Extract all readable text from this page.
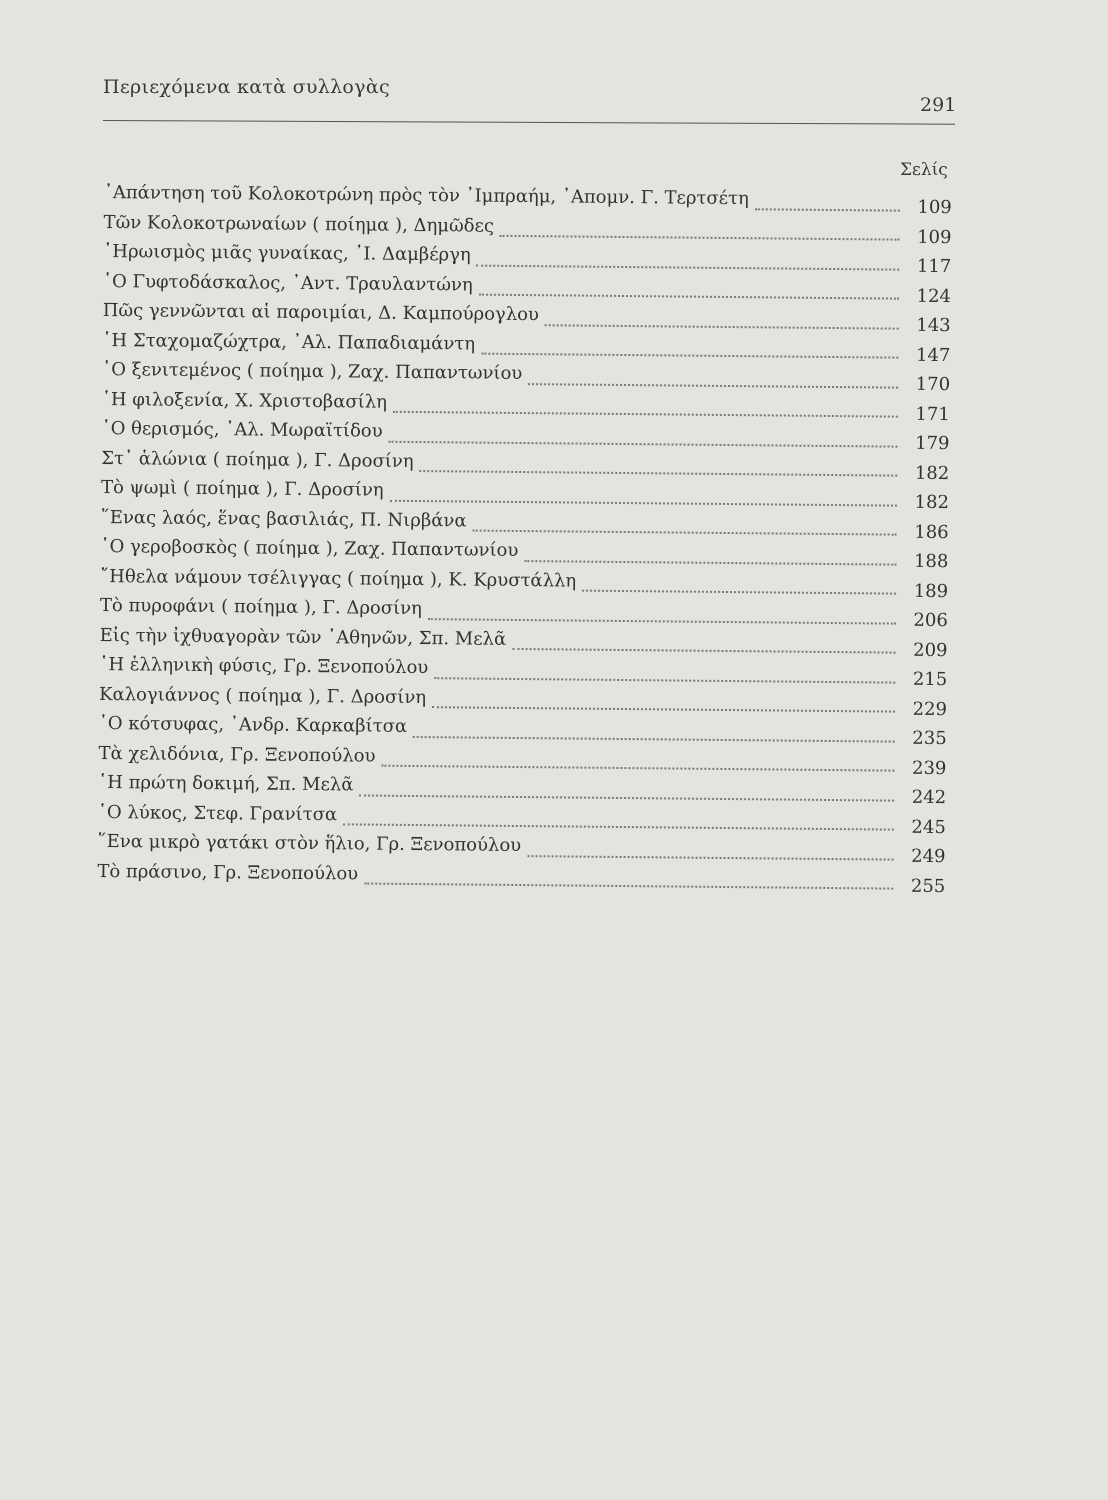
Περιεχόμενα κατὰ συλλογὰς
291
Σελίς
᾿Απάντηση τοῦ Κολοκοτρώνη πρὸς τὸν ᾿Ιμπραήμ, ᾿Απομν. Γ. Τερτσέτη	109
Τῶν Κολοκοτρωναίων ( ποίημα ), Δημῶδες
109
῾Ηρωισμὸς μιᾶς γυναίκας, ᾿Ι. Δαμβέργη
117
῾Ο Γυφτοδάσκαλος, ᾿Αντ. Τραυλαντώνη
124
Πῶς γεννῶνται αἱ παροιμίαι, Δ. Καμπούρογλου
143
῾Η Σταχομαζώχτρα, ᾿Αλ. Παπαδιαμάντη
147
῾Ο ξενιτεμένος ( ποίημα ), Ζαχ. Παπαντωνίου
170
῾Η φιλοξενία, Χ. Χριστοβασίλη
171
῾Ο θερισμός, ᾿Αλ. Μωραϊτίδου
179
Στ᾿ ἁλώνια ( ποίημα ), Γ. Δροσίνη
182
Τὸ ψωμὶ ( ποίημα ), Γ. Δροσίνη
182
῞Ενας λαός, ἕνας βασιλιάς, Π. Νιρβάνα
186
῾Ο γεροβοσκὸς ( ποίημα ), Ζαχ. Παπαντωνίου
188
῎Ηθελα νάμουν τσέλιγγας ( ποίημα ), Κ. Κρυστάλλη	189
Τὸ πυροφάνι ( ποίημα ), Γ. Δροσίνη
206
Εἰς τὴν ἰχθυαγορὰν τῶν ᾿Αθηνῶν, Σπ. Μελᾶ
209
῾Η ἑλληνικὴ φύσις, Γρ. Ξενοπούλου
215
Καλογιάννος ( ποίημα ), Γ. Δροσίνη
229
῾Ο κότσυφας, ᾿Ανδρ. Καρκαβίτσα
235
Τὰ χελιδόνια, Γρ. Ξενοπούλου
239
῾Η πρώτη δοκιμή, Σπ. Μελᾶ
242
῾Ο λύκος, Στεφ. Γρανίτσα
245
῞Ενα μικρὸ γατάκι στὸν ἥλιο, Γρ. Ξενοπούλου
249
Τὸ πράσινο, Γρ. Ξενοπούλου
255
